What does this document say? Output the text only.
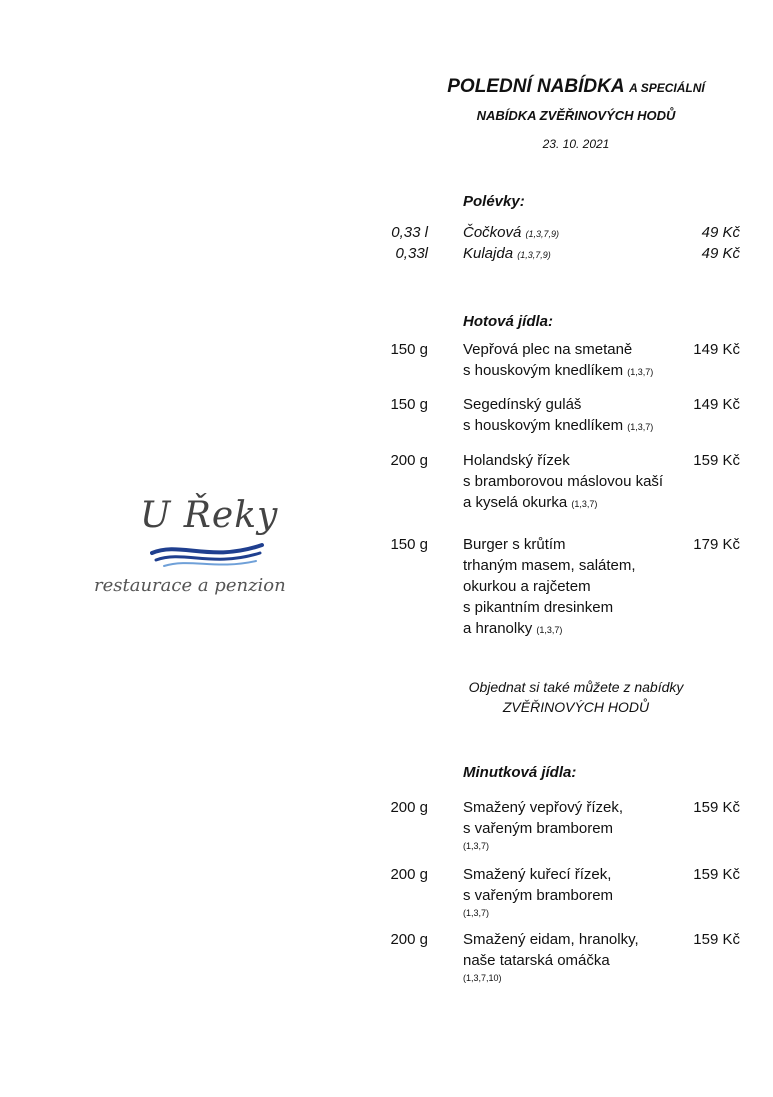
POLEDNÍ NABÍDKA A SPECIÁLNÍ
NABÍDKA ZVĚŘINOVÝCH HODŮ
23. 10. 2021
Polévky:
0,33 l Čočková (1,3,7,9)	49 Kč
0,33l Kulajda (1,3,7,9)	49 Kč
Hotová jídla:
150 g Vepřová plec na smetaně
s houskovým knedlíkem (1,3,7)
149 Kč
150 g Segedínský guláš
s houskovým knedlíkem (1,3,7)
149 Kč
200 g Holandský řízek
s bramborovou máslovou kaší
a kyselá okurka (1,3,7)
159 Kč
150 g Burger s krůtím
trhaným masem, salátem,
okurkou a rajčetem
s pikantním dresinkem
a hranolky (1,3,7)
179 Kč
Objednat si také můžete z nabídky
ZVĚŘINOVÝCH HODŮ
Minutková jídla:
200 g Smažený vepřový řízek,
s vařeným bramborem
(1,3,7)
159 Kč
200 g Smažený kuřecí řízek,
s vařeným bramborem
(1,3,7)
159 Kč
200 g Smažený eidam, hranolky,
naše tatarská omáčka
(1,3,7,10)
159 Kč
U Řeky
restaurace a penzion
